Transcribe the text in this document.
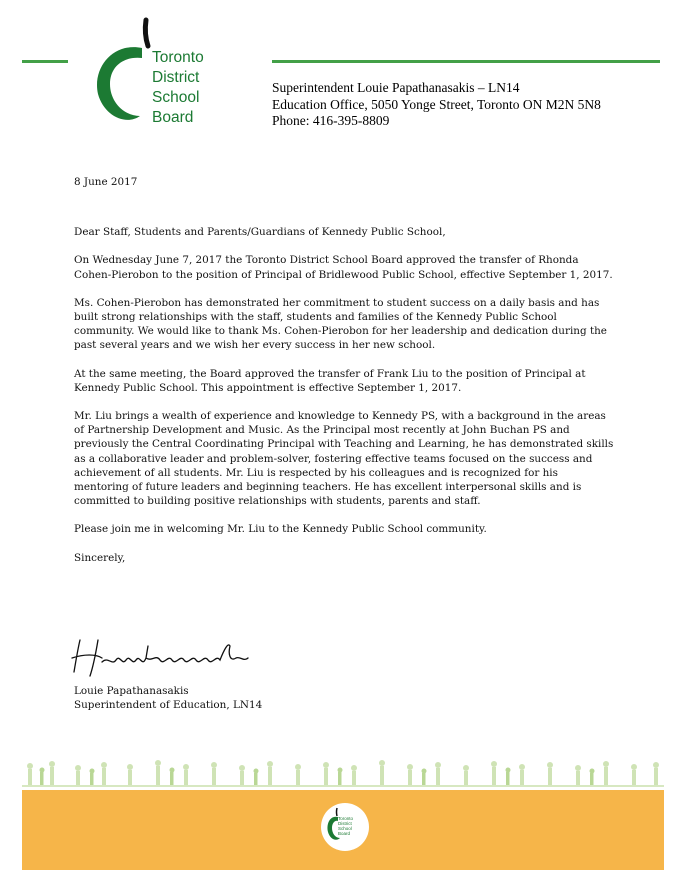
Toronto
District
School
Board
Superintendent Louie Papathanasakis – LN14
Education Office, 5050 Yonge Street, Toronto ON M2N 5N8
Phone: 416-395-8809

8 June 2017

Dear Staff, Students and Parents/Guardians of Kennedy Public School,

On Wednesday June 7, 2017 the Toronto District School Board approved the transfer of Rhonda Cohen-Pierobon to the position of Principal of Bridlewood Public School, effective September 1, 2017.

Ms. Cohen-Pierobon has demonstrated her commitment to student success on a daily basis and has built strong relationships with the staff, students and families of the Kennedy Public School community. We would like to thank Ms. Cohen-Pierobon for her leadership and dedication during the past several years and we wish her every success in her new school.

At the same meeting, the Board approved the transfer of Frank Liu to the position of Principal at Kennedy Public School. This appointment is effective September 1, 2017.

Mr. Liu brings a wealth of experience and knowledge to Kennedy PS, with a background in the areas of Partnership Development and Music. As the Principal most recently at John Buchan PS and previously the Central Coordinating Principal with Teaching and Learning, he has demonstrated skills as a collaborative leader and problem-solver, fostering effective teams focused on the success and achievement of all students. Mr. Liu is respected by his colleagues and is recognized for his mentoring of future leaders and beginning teachers. He has excellent interpersonal skills and is committed to building positive relationships with students, parents and staff.

Please join me in welcoming Mr. Liu to the Kennedy Public School community.

Sincerely,

Louie Papathanasakis
Superintendent of Education, LN14
Toronto
District
School
Board
